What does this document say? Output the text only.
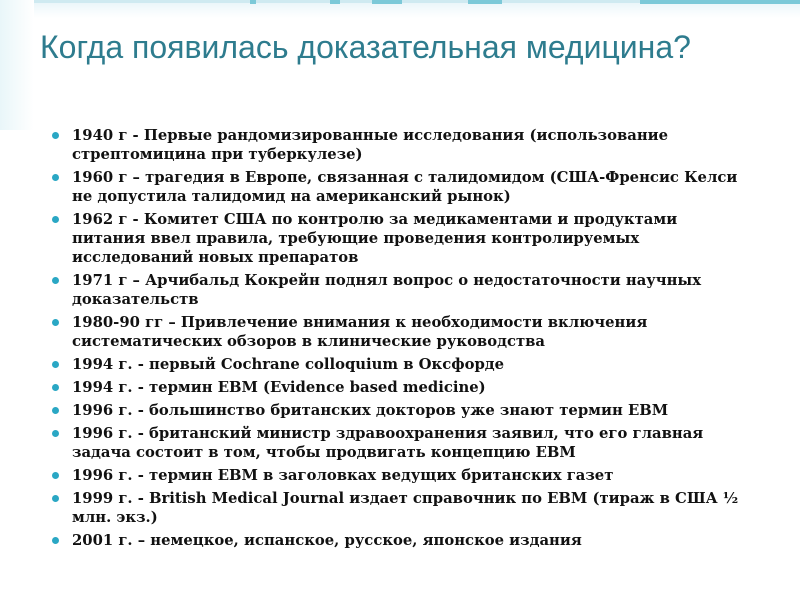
Когда появилась доказательная медицина?
1940 г - Первые рандомизированные исследования (использование стрептомицина при туберкулезе)
1960 г – трагедия в Европе, связанная с талидомидом (США-Френсис Келси не допустила талидомид на американский рынок)
1962 г - Комитет США по контролю за медикаментами и продуктами питания ввел правила, требующие проведения контролируемых исследований новых препаратов
1971 г – Арчибальд Кокрейн поднял вопрос о недостаточности научных доказательств
1980-90 гг – Привлечение внимания к необходимости включения систематических обзоров в клинические руководства
1994 г. - первый Cochrane colloquium в Оксфорде
1994 г. - термин ЕВМ (Evidence based medicine)
1996 г. - большинство британских докторов уже знают термин ЕВМ
1996 г. - британский министр здравоохранения заявил, что его главная задача состоит в том, чтобы продвигать концепцию ЕВМ
1996 г. - термин ЕВМ в заголовках ведущих британских газет
1999 г. - British Medical Journal издает справочник по ЕВМ (тираж в США ½ млн. экз.)
2001 г. – немецкое, испанское, русское, японское издания
